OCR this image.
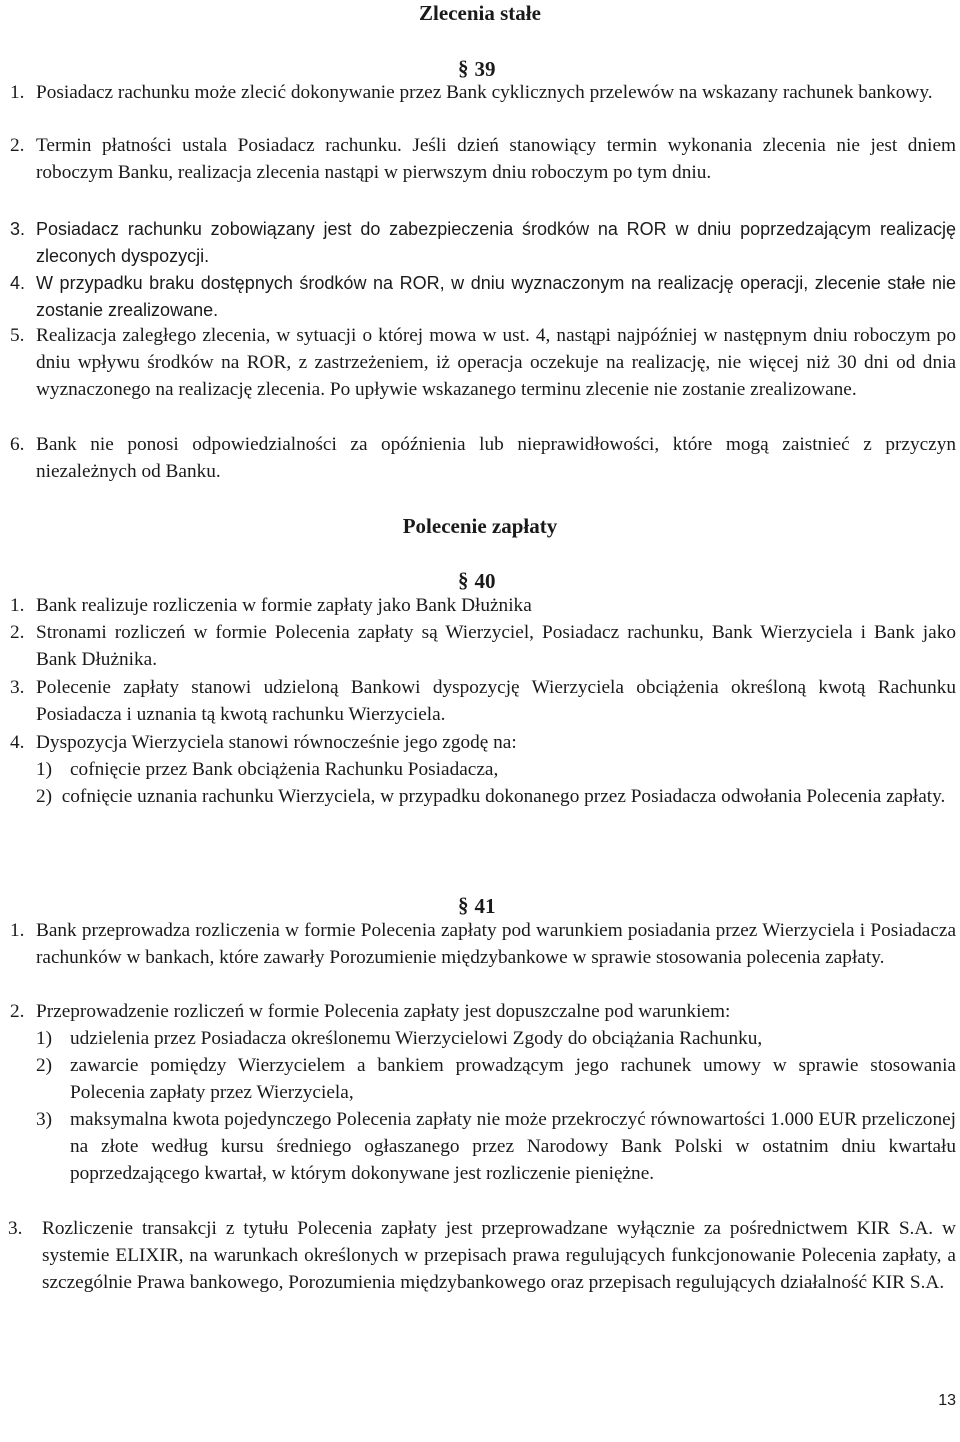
Zlecenia stałe
§ 39
1. Posiadacz rachunku może zlecić dokonywanie przez Bank cyklicznych przelewów na wskazany rachunek bankowy.
2. Termin płatności ustala Posiadacz rachunku. Jeśli dzień stanowiący termin wykonania zlecenia nie jest dniem roboczym Banku, realizacja zlecenia nastąpi w pierwszym dniu roboczym po tym dniu.
3. Posiadacz rachunku zobowiązany jest do zabezpieczenia środków na ROR w dniu poprzedzającym realizację zleconych dyspozycji.
4. W przypadku braku dostępnych środków na ROR, w dniu wyznaczonym na realizację operacji, zlecenie stałe nie zostanie zrealizowane.
5. Realizacja zaległego zlecenia, w sytuacji o której mowa w ust. 4, nastąpi najpóźniej w następnym dniu roboczym po dniu wpływu środków na ROR, z zastrzeżeniem, iż operacja oczekuje na realizację, nie więcej niż 30 dni od dnia wyznaczonego na realizację zlecenia. Po upływie wskazanego terminu zlecenie nie zostanie zrealizowane.
6. Bank nie ponosi odpowiedzialności za opóźnienia lub nieprawidłowości, które mogą zaistnieć z przyczyn niezależnych od Banku.
Polecenie zapłaty
§ 40
1. Bank realizuje rozliczenia w formie zapłaty jako Bank Dłużnika
2. Stronami rozliczeń w formie Polecenia zapłaty są Wierzyciel, Posiadacz rachunku, Bank Wierzyciela i Bank jako Bank Dłużnika.
3. Polecenie zapłaty stanowi udzieloną Bankowi dyspozycję Wierzyciela obciążenia określoną kwotą Rachunku Posiadacza i uznania tą kwotą rachunku Wierzyciela.
4. Dyspozycja Wierzyciela stanowi równocześnie jego zgodę na:
1) cofnięcie przez Bank obciążenia Rachunku Posiadacza,
2) cofnięcie uznania rachunku Wierzyciela, w przypadku dokonanego przez Posiadacza odwołania Polecenia zapłaty.
§ 41
1. Bank przeprowadza rozliczenia w formie Polecenia zapłaty pod warunkiem posiadania przez Wierzyciela i Posiadacza rachunków w bankach, które zawarły Porozumienie międzybankowe w sprawie stosowania polecenia zapłaty.
2. Przeprowadzenie rozliczeń w formie Polecenia zapłaty jest dopuszczalne pod warunkiem:
1) udzielenia przez Posiadacza określonemu Wierzycielowi Zgody do obciążania Rachunku,
2) zawarcie pomiędzy Wierzycielem a bankiem prowadzącym jego rachunek umowy w sprawie stosowania Polecenia zapłaty przez Wierzyciela,
3) maksymalna kwota pojedynczego Polecenia zapłaty nie może przekroczyć równowartości 1.000 EUR przeliczonej na złote według kursu średniego ogłaszanego przez Narodowy Bank Polski w ostatnim dniu kwartału poprzedzającego kwartał, w którym dokonywane jest rozliczenie pieniężne.
3. Rozliczenie transakcji z tytułu Polecenia zapłaty jest przeprowadzane wyłącznie za pośrednictwem KIR S.A. w systemie ELIXIR, na warunkach określonych w przepisach prawa regulujących funkcjonowanie Polecenia zapłaty, a szczególnie Prawa bankowego, Porozumienia międzybankowego oraz przepisach regulujących działalność KIR S.A.
13
